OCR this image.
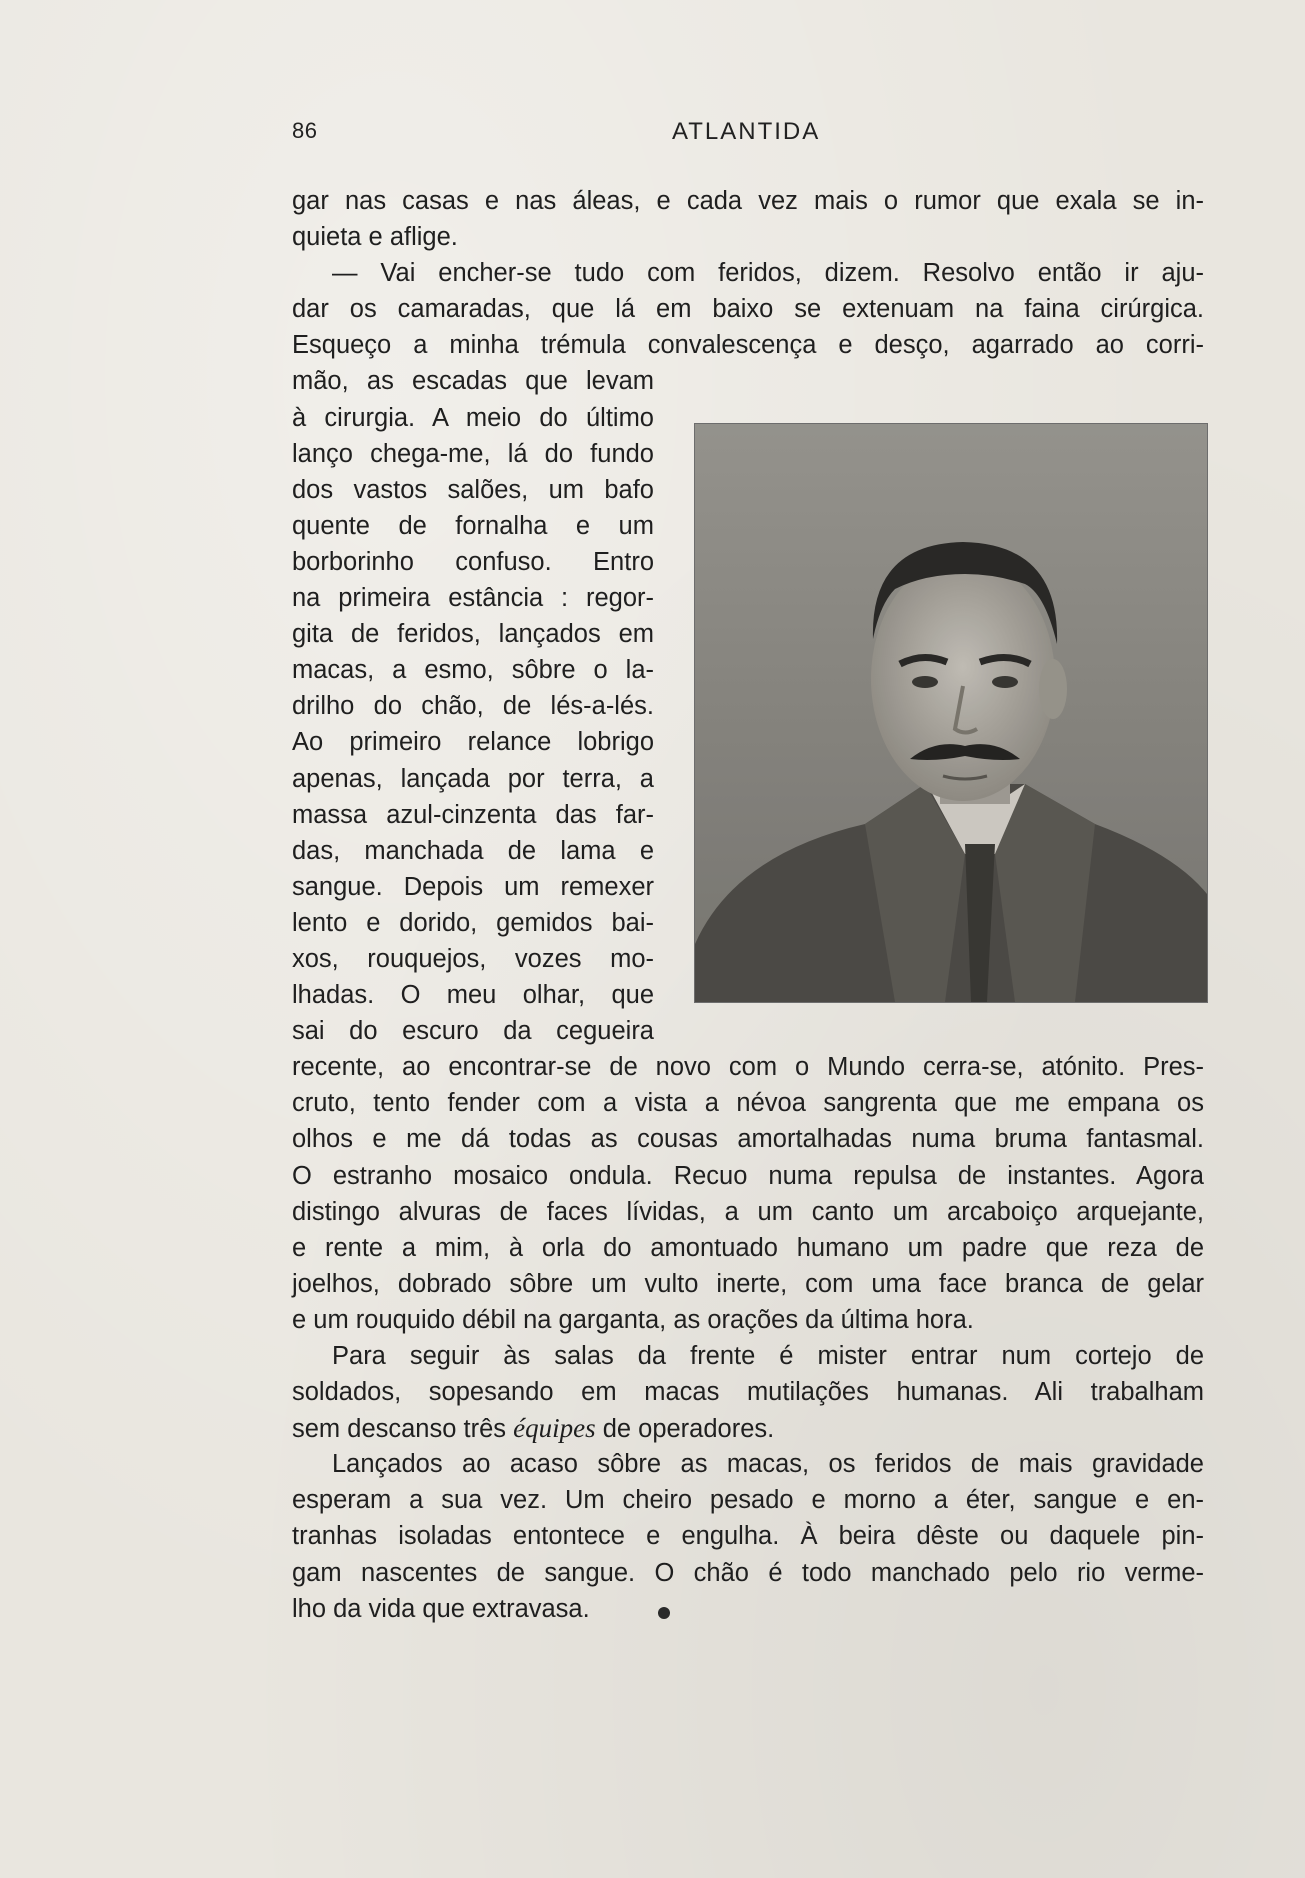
86	ATLANTIDA
gar nas casas e nas áleas, e cada vez mais o rumor que exala se in-
quieta e aflige.
— Vai encher-se tudo com feridos, dizem. Resolvo então ir aju-
dar os camaradas, que lá em baixo se extenuam na faina cirúrgica.
Esqueço a minha trémula convalescença e desço, agarrado ao corri-
mão, as escadas que levam
à cirurgia. A meio do último
lanço chega-me, lá do fundo
dos vastos salões, um bafo
quente de fornalha e um
borborinho confuso. Entro
na primeira estância : regor-
gita de feridos, lançados em
macas, a esmo, sôbre o la-
drilho do chão, de lés-a-lés.
Ao primeiro relance lobrigo
apenas, lançada por terra, a
massa azul-cinzenta das far-
das, manchada de lama e
sangue. Depois um remexer
lento e dorido, gemidos bai-
xos, rouquejos, vozes mo-
lhadas. O meu olhar, que
sai do escuro da cegueira
recente, ao encontrar-se de novo com o Mundo cerra-se, atónito. Pres-
cruto, tento fender com a vista a névoa sangrenta que me empana os
olhos e me dá todas as cousas amortalhadas numa bruma fantasmal.
O estranho mosaico ondula. Recuo numa repulsa de instantes. Agora
distingo alvuras de faces lívidas, a um canto um arcaboiço arquejante,
e rente a mim, à orla do amontuado humano um padre que reza de
joelhos, dobrado sôbre um vulto inerte, com uma face branca de gelar
e um rouquido débil na garganta, as orações da última hora.
Para seguir às salas da frente é mister entrar num cortejo de
soldados, sopesando em macas mutilações humanas. Ali trabalham
sem descanso três équipes de operadores.
Lançados ao acaso sôbre as macas, os feridos de mais gravidade
esperam a sua vez. Um cheiro pesado e morno a éter, sangue e en-
tranhas isoladas entontece e engulha. À beira dêste ou daquele pin-
gam nascentes de sangue. O chão é todo manchado pelo rio verme-
lho da vida que extravasa.
